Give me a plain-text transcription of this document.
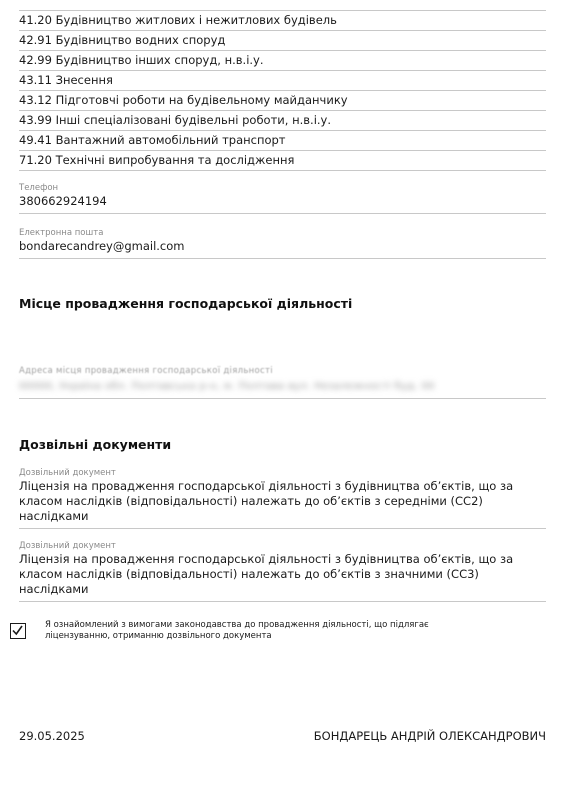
41.20 Будівництво житлових і нежитлових будівель
42.91 Будівництво водних споруд
42.99 Будівництво інших споруд, н.в.і.у.
43.11 Знесення
43.12 Підготовчі роботи на будівельному майданчику
43.99 Інші спеціалізовані будівельні роботи, н.в.і.у.
49.41 Вантажний автомобільний транспорт
71.20 Технічні випробування та дослідження
Телефон
380662924194
Електронна пошта
bondarecandrey@gmail.com
Місце провадження господарської діяльності
Адреса місця провадження господарської діяльності
00000, Україна обл. Полтавська р-н, м. Полтава вул. Незалежності буд. 00
Дозвільні документи
Дозвільний документ
Ліцензія на провадження господарської діяльності з будівництва об’єктів, що за класом наслідків (відповідальності) належать до об’єктів з середніми (СС2) наслідками
Дозвільний документ
Ліцензія на провадження господарської діяльності з будівництва об’єктів, що за класом наслідків (відповідальності) належать до об’єктів з значними (СС3) наслідками
Я ознайомлений з вимогами законодавства до провадження діяльності, що підлягає ліцензуванню, отриманню дозвільного документа
29.05.2025	БОНДАРЕЦЬ АНДРІЙ ОЛЕКСАНДРОВИЧ
